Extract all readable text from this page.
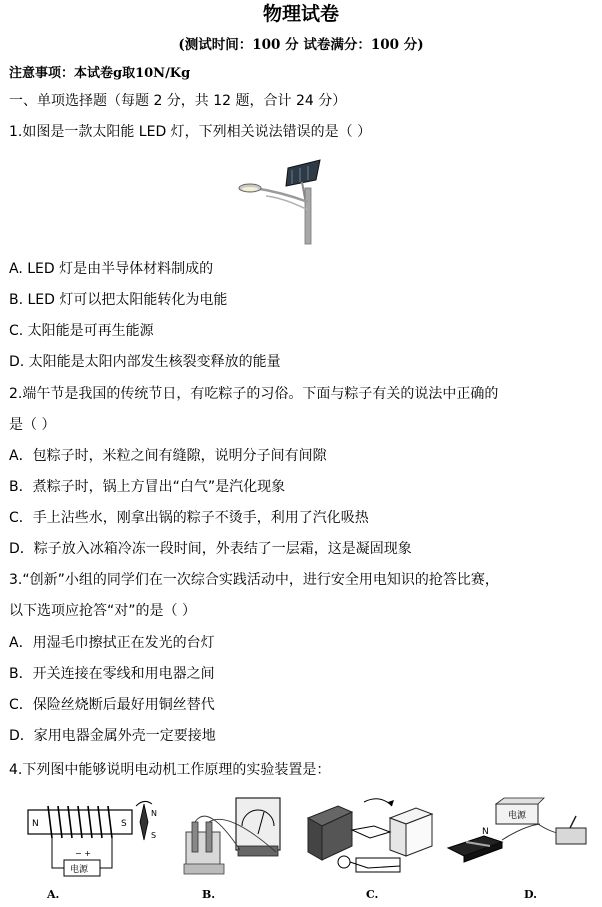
物理试卷
(测试时间：100 分 试卷满分：100 分)
注意事项：本试卷g取10N/Kg
一、单项选择题（每题 2 分，共 12 题，合计 24 分）
1.如图是一款太阳能 LED 灯，下列相关说法错误的是（ ）
A. LED 灯是由半导体材料制成的
B. LED 灯可以把太阳能转化为电能
C. 太阳能是可再生能源
D. 太阳能是太阳内部发生核裂变释放的能量
2.端午节是我国的传统节日，有吃粽子的习俗。下面与粽子有关的说法中正确的
是（ ）
A．包粽子时，米粒之间有缝隙，说明分子间有间隙
B．煮粽子时，锅上方冒出“白气”是汽化现象
C．手上沾些水，刚拿出锅的粽子不烫手，利用了汽化吸热
D．粽子放入冰箱冷冻一段时间，外表结了一层霜，这是凝固现象
3.“创新”小组的同学们在一次综合实践活动中，进行安全用电知识的抢答比赛，
以下选项应抢答“对”的是（ ）
A．用湿毛巾擦拭正在发光的台灯
B．开关连接在零线和用电器之间
C．保险丝烧断后最好用铜丝替代
D．家用电器金属外壳一定要接地
4.下列图中能够说明电动机工作原理的实验装置是：
N	S
N
S
电源
− +
A.	B.	C.
电源
N
D.
